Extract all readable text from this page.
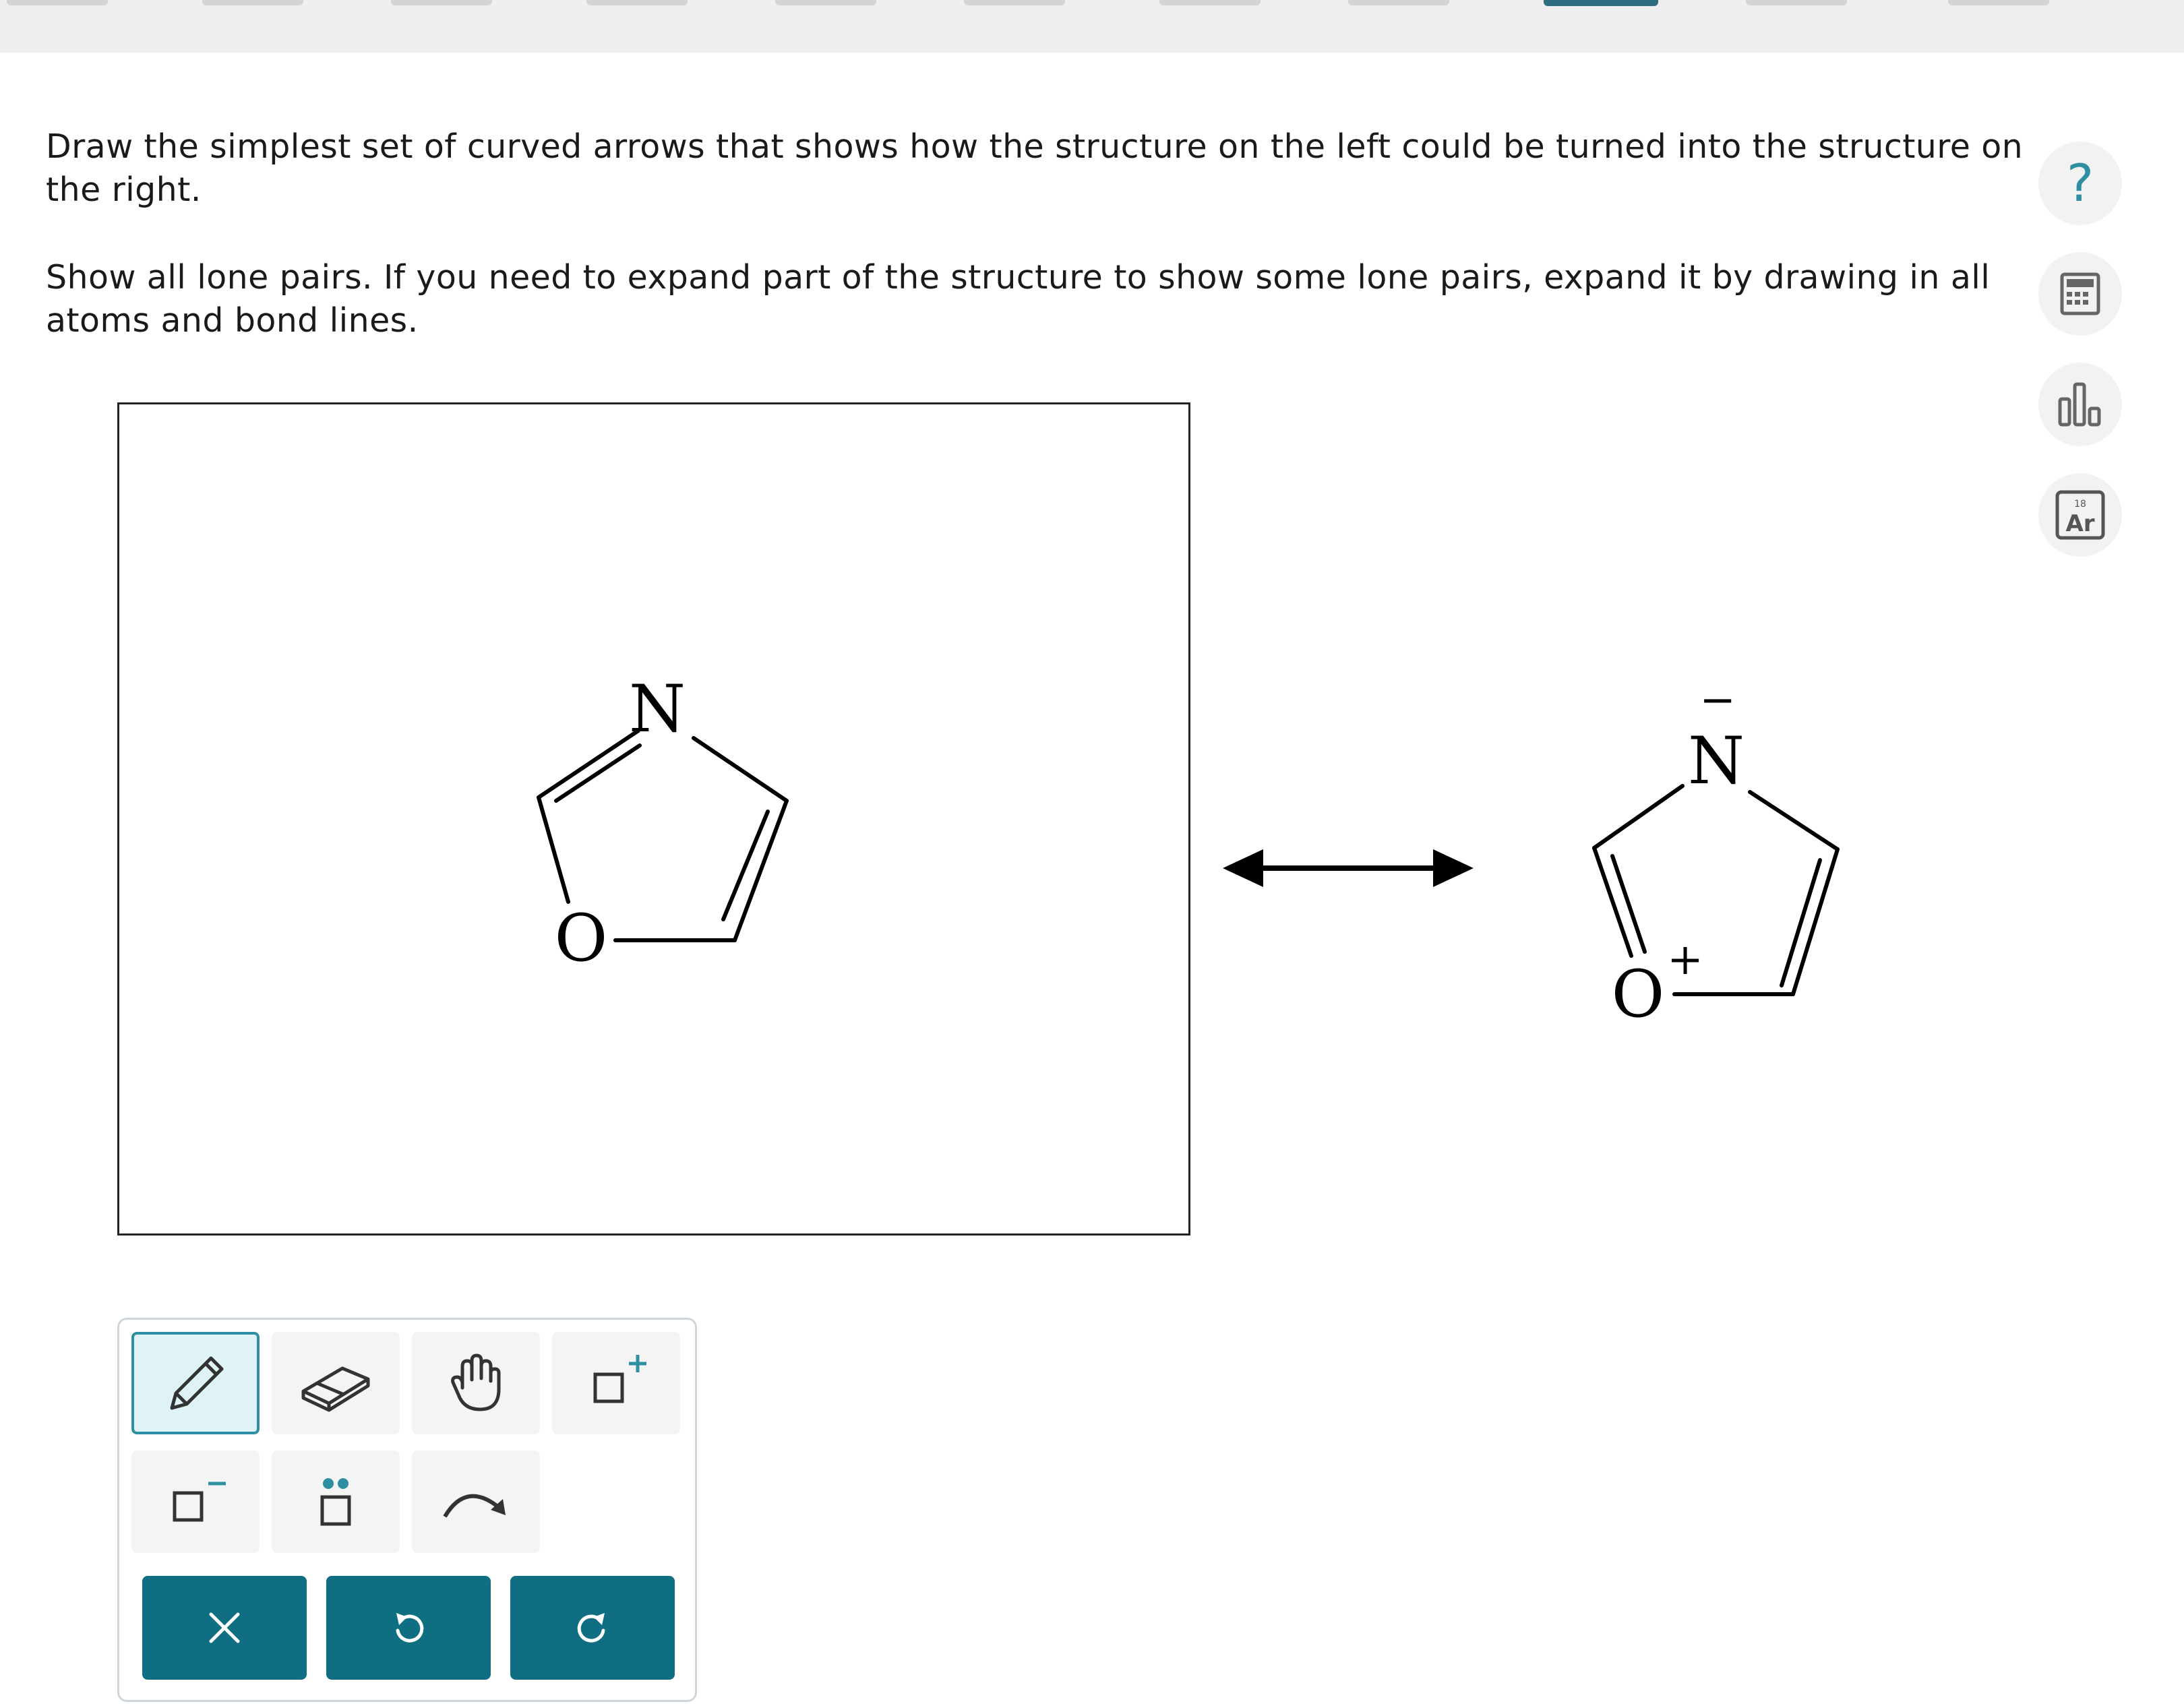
Draw the simplest set of curved arrows that shows how the structure on the left could be turned into the structure on the right.

Show all lone pairs. If you need to expand part of the structure to show some lone pairs, expand it by drawing in all atoms and bond lines.

?
18
Ar
N
O
N
−
O +
